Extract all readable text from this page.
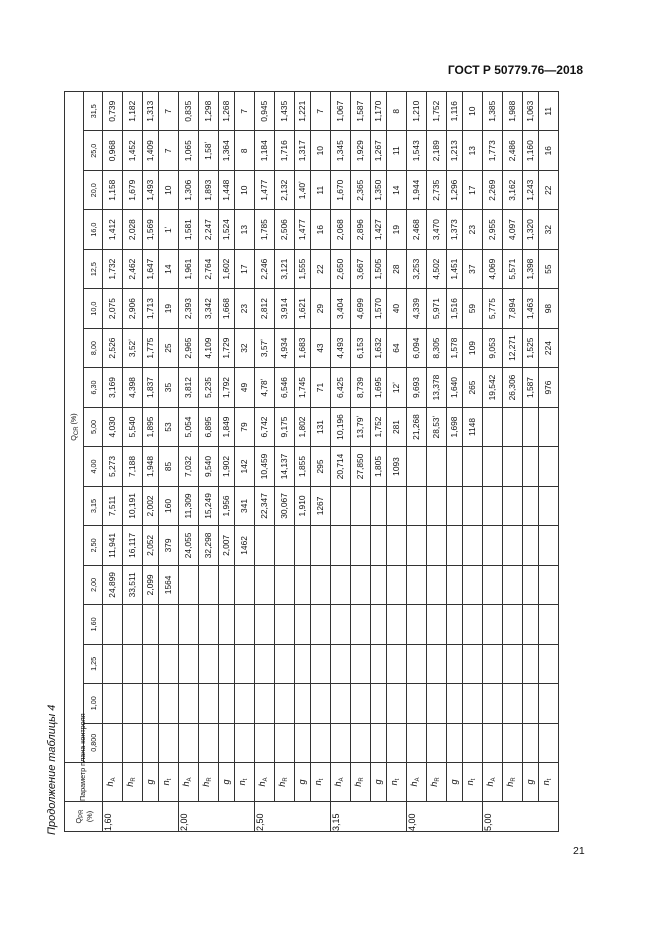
ГОСТ Р 50779.76—2018
Продолжение таблицы 4
21
$Q_{PR}$
(%)	Параметр плана контроля	$Q_{CR}$ (%)																
		0,800	1,00	1,25	1,60	2,00	2,50	3,15	4,00	5,00	6,30	8,00	10,0	12,5	16,0	20,0	25,0	31,5
1,60	$h_A$					24,899	11,941	7,511	5,273	4,030	3,169	2,526	2,075	1,732	1,412	1,158	0,968	0,739
	$h_R$					33,511	16,117	10,191	7,188	5,540	4,398	3,52ʼ	2,906	2,462	2,028	1,679	1,452	1,182
	g					2,099	2,052	2,002	1,948	1,895	1,837	1,775	1,713	1,647	1,569	1,493	1,409	1,313
	$n_t$					1564	379	160	85	53	35	25	19	14	1ʼ	10	7	7
2,00	$h_A$						24,055	11,309	7,032	5,054	3,812	2,965	2,393	1,961	1,581	1,306	1,065	0,835
	$h_R$						32,298	15,249	9,540	6,895	5,235	4,109	3,342	2,764	2,247	1,893	1,58ʼ	1,298
	g						2,007	1,956	1,902	1,849	1,792	1,729	1,668	1,602	1,524	1,448	1,364	1,268
	$n_t$						1462	341	142	79	49	32	23	17	13	10	8	7
2,50	$h_A$							22,347	10,459	6,742	4,78ʼ	3,57ʼ	2,812	2,246	1,785	1,477	1,184	0,945
	$h_R$							30,067	14,137	9,175	6,546	4,934	3,914	3,121	2,506	2,132	1,716	1,435
	g							1,910	1,855	1,802	1,745	1,683	1,621	1,555	1,477	1,40ʼ	1,317	1,221
	$n_t$							1267	295	131	71	43	29	22	16	11	10	7
3,15	$h_A$								20,714	10,196	6,425	4,493	3,404	2,650	2,068	1,670	1,345	1,067
	$h_R$								27,850	13,79ʼ	8,739	6,153	4,699	3,667	2,896	2,365	1,929	1,587
	g								1,805	1,752	1,695	1,632	1,570	1,505	1,427	1,350	1,267	1,170
	$n_t$								1093	281	12ʼ	64	40	28	19	14	11	8
4,00	$h_A$									21,268	9,693	6,094	4,339	3,253	2,468	1,944	1,543	1,210
	$h_R$									28,53ʼ	13,378	8,305	5,971	4,502	3,470	2,735	2,189	1,752
	g									1,698	1,640	1,578	1,516	1,451	1,373	1,296	1,213	1,116
	$n_t$									1148	265	109	59	37	23	17	13	10
5,00	$h_A$										19,542	9,053	5,775	4,069	2,955	2,269	1,773	1,385
	$h_R$										26,306	12,271	7,894	5,571	4,097	3,162	2,486	1,988
	g										1,587	1,525	1,463	1,398	1,320	1,243	1,160	1,063
	$n_t$										976	224	98	55	32	22	16	11
